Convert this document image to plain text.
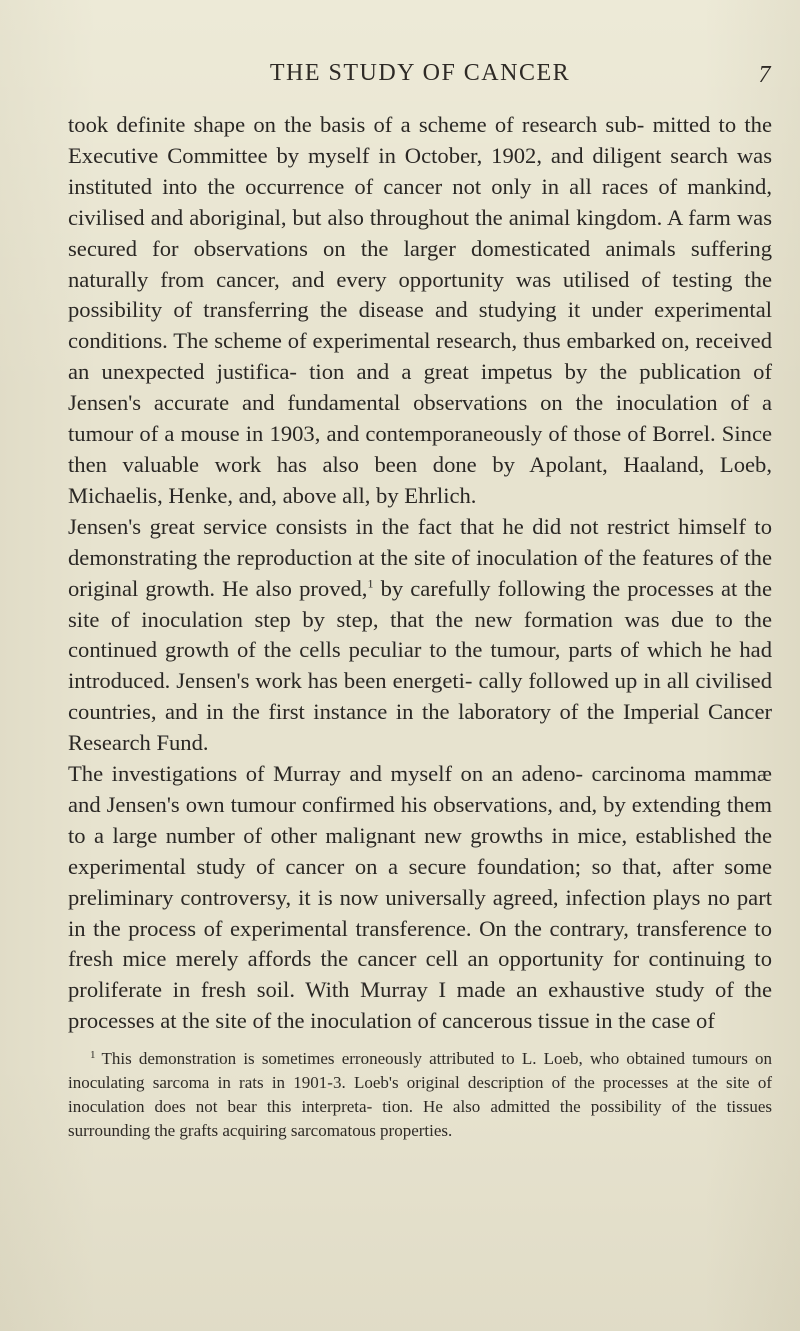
THE STUDY OF CANCER	7

took definite shape on the basis of a scheme of research sub- mitted to the Executive Committee by myself in October, 1902, and diligent search was instituted into the occurrence of cancer not only in all races of mankind, civilised and aboriginal, but also throughout the animal kingdom. A farm was secured for observations on the larger domesticated animals suffering naturally from cancer, and every opportunity was utilised of testing the possibility of transferring the disease and studying it under experimental conditions. The scheme of experimental research, thus embarked on, received an unexpected justifica- tion and a great impetus by the publication of Jensen's accurate and fundamental observations on the inoculation of a tumour of a mouse in 1903, and contemporaneously of those of Borrel. Since then valuable work has also been done by Apolant, Haaland, Loeb, Michaelis, Henke, and, above all, by Ehrlich.

Jensen's great service consists in the fact that he did not restrict himself to demonstrating the reproduction at the site of inoculation of the features of the original growth. He also proved,$^1$ by carefully following the processes at the site of inoculation step by step, that the new formation was due to the continued growth of the cells peculiar to the tumour, parts of which he had introduced. Jensen's work has been energeti- cally followed up in all civilised countries, and in the first instance in the laboratory of the Imperial Cancer Research Fund.

The investigations of Murray and myself on an adeno- carcinoma mammæ and Jensen's own tumour confirmed his observations, and, by extending them to a large number of other malignant new growths in mice, established the experimental study of cancer on a secure foundation; so that, after some preliminary controversy, it is now universally agreed, infection plays no part in the process of experimental transference. On the contrary, transference to fresh mice merely affords the cancer cell an opportunity for continuing to proliferate in fresh soil. With Murray I made an exhaustive study of the processes at the site of the inoculation of cancerous tissue in the case of

$^1$ This demonstration is sometimes erroneously attributed to L. Loeb, who obtained tumours on inoculating sarcoma in rats in 1901-3. Loeb's original description of the processes at the site of inoculation does not bear this interpreta- tion. He also admitted the possibility of the tissues surrounding the grafts acquiring sarcomatous properties.
